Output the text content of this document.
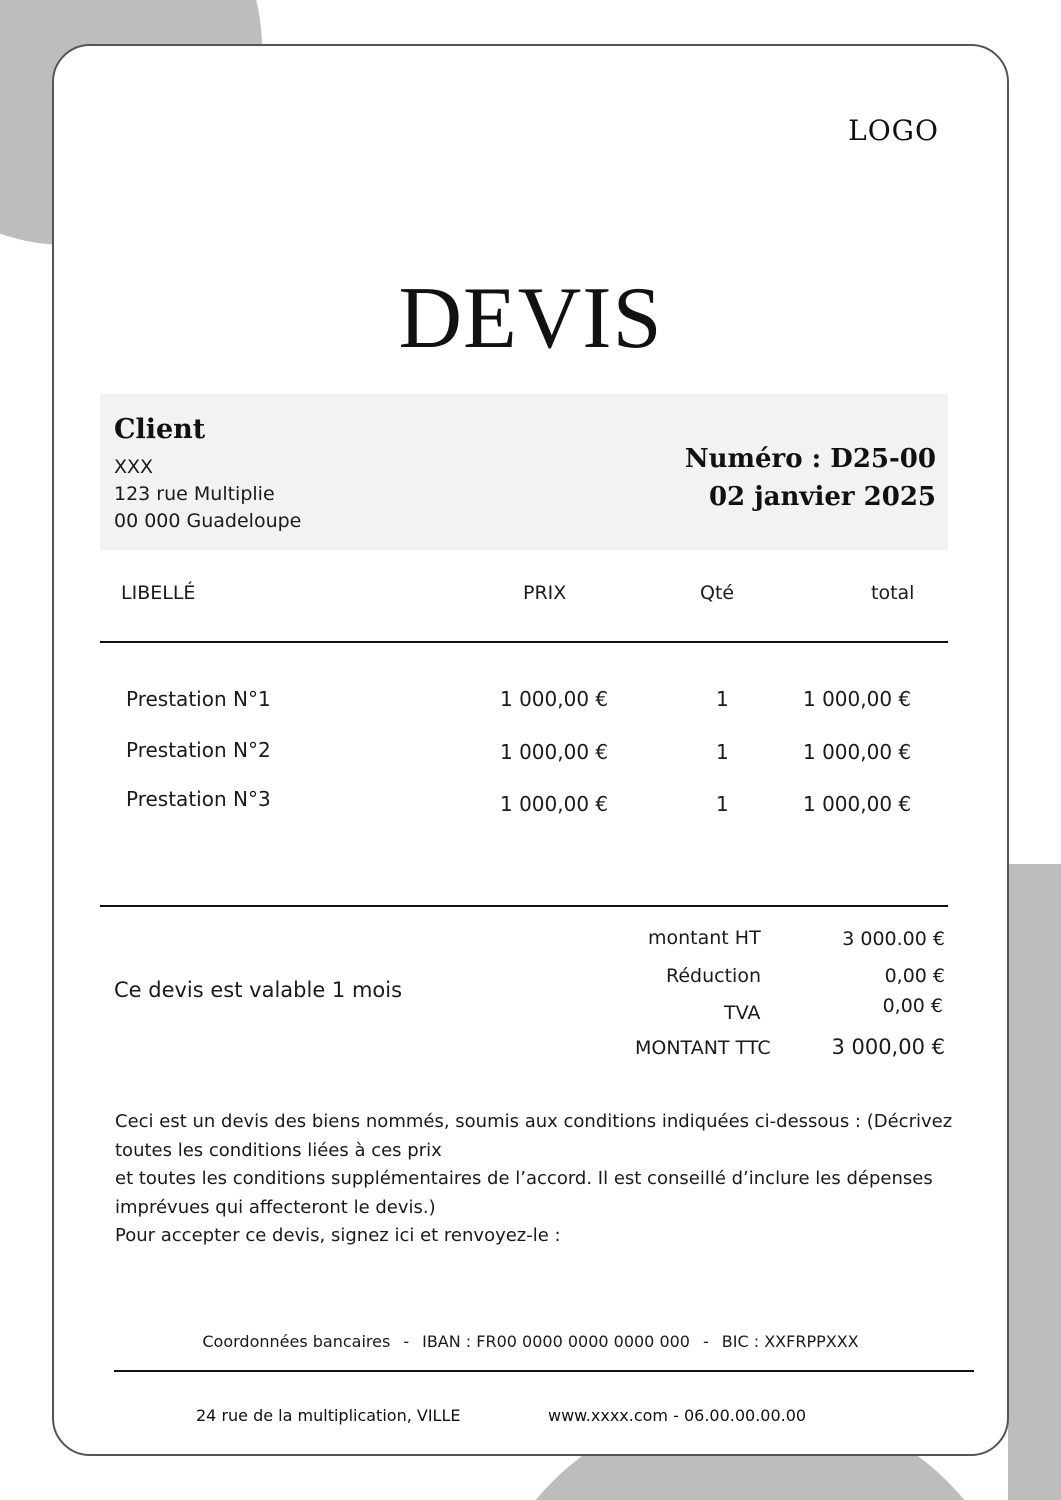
LOGO
DEVIS
Client
XXX
123 rue Multiplie
00 000 Guadeloupe
Numéro : D25-00
02 janvier 2025
LIBELLÉ	PRIX	Qté	total
Prestation N°1	1 000,00 €	1	1 000,00 €
Prestation N°2	1 000,00 €	1	1 000,00 €
Prestation N°3	1 000,00 €	1	1 000,00 €
Ce devis est valable 1 mois
montant HT	3 000.00 €
Réduction	0,00 €
TVA	0,00 €
MONTANT TTC	3 000,00 €

Ceci est un devis des biens nommés, soumis aux conditions indiquées ci-dessous : (Décrivez toutes les conditions liées à ces prix

et toutes les conditions supplémentaires de l’accord. Il est conseillé d’inclure les dépenses imprévues qui affecteront le devis.)

Pour accepter ce devis, signez ici et renvoyez-le :

Coordonnées bancaires - IBAN : FR00 0000 0000 0000 000 - BIC : XXFRPPXXX
24 rue de la multiplication, VILLE	www.xxxx.com - 06.00.00.00.00
